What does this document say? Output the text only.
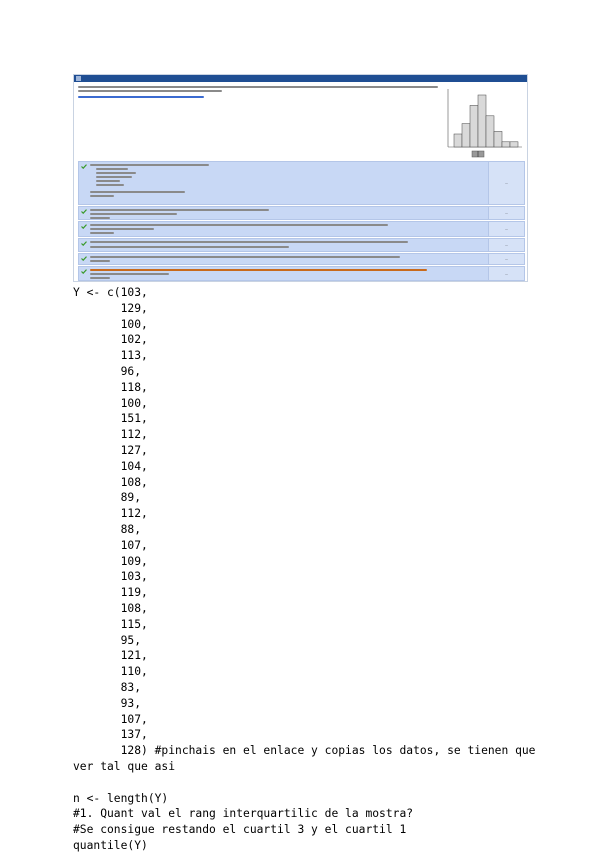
—
—
—
—
—
—
Y <- c(103,
129,
100,
102,
113,
96,
118,
100,
151,
112,
127,
104,
108,
89,
112,
88,
107,
109,
103,
119,
108,
115,
95,
121,
110,
83,
93,
107,
137,
128) #pinchais en el enlace y copias los datos, se tienen que
ver tal que asi

n <- length(Y)
#1. Quant val el rang interquartilic de la mostra?
#Se consigue restando el cuartil 3 y el cuartil 1
quantile(Y)
